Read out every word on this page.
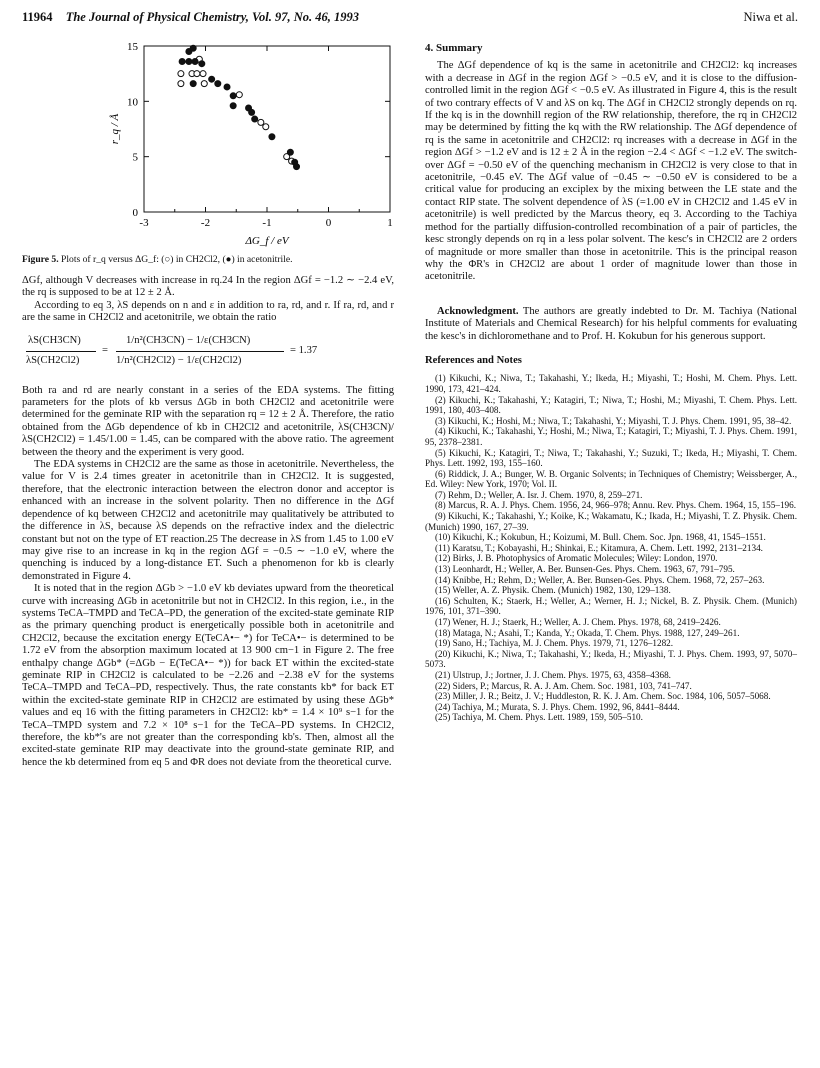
11964 The Journal of Physical Chemistry, Vol. 97, No. 46, 1993	Niwa et al.
-3	-2	-1	0	1
0
5
10
15
ΔG_f / eV
r_q / Å
Figure 5. Plots of r_q versus ΔG_f: (○) in CH2Cl2, (●) in acetonitrile.

ΔGf, although V decreases with increase in rq.24 In the region ΔGf = −1.2 ∼ −2.4 eV, the rq is supposed to be at 12 ± 2 Å.

According to eq 3, λS depends on n and ε in addition to ra, rd, and r. If ra, rd, and r are the same in CH2Cl2 and acetonitrile, we obtain the ratio

λS(CH3CN)
λS(CH2Cl2)
=
1/n²(CH3CN) − 1/ε(CH3CN)
1/n²(CH2Cl2) − 1/ε(CH2Cl2)
= 1.37

Both ra and rd are nearly constant in a series of the EDA systems. The fitting parameters for the plots of kb versus ΔGb in both CH2Cl2 and acetonitrile were determined for the geminate RIP with the separation rq = 12 ± 2 Å. Therefore, the ratio obtained from the ΔGb dependence of kb in CH2Cl2 and acetonitrile, λS(CH3CN)/λS(CH2Cl2) = 1.45/1.00 = 1.45, can be compared with the above ratio. The agreement between the theory and the experiment is very good.

The EDA systems in CH2Cl2 are the same as those in acetonitrile. Nevertheless, the value for V is 2.4 times greater in acetonitrile than in CH2Cl2. It is suggested, therefore, that the electronic interaction between the electron donor and acceptor is enhanced with an increase in the solvent polarity. Then no difference in the ΔGf dependence of kq between CH2Cl2 and acetonitrile may qualitatively be attributed to the difference in λS, because λS depends on the refractive index and the dielectric constant but not on the type of ET reaction.25 The decrease in λS from 1.45 to 1.00 eV may give rise to an increase in kq in the region ΔGf = −0.5 ∼ −1.0 eV, where the quenching is induced by a long-distance ET. Such a phenomenon for kb is clearly demonstrated in Figure 4.

It is noted that in the region ΔGb > −1.0 eV kb deviates upward from the theoretical curve with increasing ΔGb in acetonitrile but not in CH2Cl2. In this region, i.e., in the systems TeCA–TMPD and TeCA–PD, the generation of the excited-state geminate RIP as the primary quenching product is energetically possible both in acetonitrile and CH2Cl2, because the excitation energy E(TeCA•− *) for TeCA•− is determined to be 1.72 eV from the absorption maximum located at 13 900 cm−1 in Figure 2. The free enthalpy change ΔGb* (=ΔGb − E(TeCA•− *)) for back ET within the excited-state geminate RIP in CH2Cl2 is calculated to be −2.26 and −2.38 eV for the systems TeCA–TMPD and TeCA–PD, respectively. Thus, the rate constants kb* for back ET within the excited-state geminate RIP in CH2Cl2 are estimated by using these ΔGb* values and eq 16 with the fitting parameters in CH2Cl2: kb* = 1.4 × 10⁹ s−1 for the TeCA–TMPD system and 7.2 × 10⁸ s−1 for the TeCA–PD systems. In CH2Cl2, therefore, the kb*'s are not greater than the corresponding kb's. Then, almost all the excited-state geminate RIP may deactivate into the ground-state geminate RIP, and hence the kb determined from eq 5 and ΦR does not deviate from the theoretical curve.

4. Summary

The ΔGf dependence of kq is the same in acetonitrile and CH2Cl2: kq increases with a decrease in ΔGf in the region ΔGf > −0.5 eV, and it is close to the diffusion-controlled limit in the region ΔGf < −0.5 eV. As illustrated in Figure 4, this is the result of two contrary effects of V and λS on kq. The ΔGf in CH2Cl2 strongly depends on rq. If the kq is in the downhill region of the RW relationship, therefore, the rq in CH2Cl2 may be determined by fitting the kq with the RW relationship. The ΔGf dependence of rq is the same in acetonitrile and CH2Cl2: rq increases with a decrease in ΔGf in the region ΔGf > −1.2 eV and is 12 ± 2 Å in the region −2.4 < ΔGf < −1.2 eV. The switch-over ΔGf = −0.50 eV of the quenching mechanism in CH2Cl2 is very close to that in acetonitrile, −0.45 eV. The ΔGf value of −0.45 ∼ −0.50 eV is considered to be a critical value for producing an exciplex by the mixing between the LE state and the contact RIP state. The solvent dependence of λS (=1.00 eV in CH2Cl2 and 1.45 eV in acetonitrile) is well predicted by the Marcus theory, eq 3. According to the Tachiya method for the partially diffusion-controlled recombination of a pair of particles, the kesc strongly depends on rq in a less polar solvent. The kesc's in CH2Cl2 are 2 orders of magnitude or more smaller than those in acetonitrile. This is the principal reason why the ΦR's in CH2Cl2 are about 1 order of magnitude lower than those in acetonitrile.

Acknowledgment. The authors are greatly indebted to Dr. M. Tachiya (National Institute of Materials and Chemical Research) for his helpful comments for evaluating the kesc's in dichloromethane and to Prof. H. Kokubun for his generous support.

References and Notes
(1) Kikuchi, K.; Niwa, T.; Takahashi, Y.; Ikeda, H.; Miyashi, T.; Hoshi, M. Chem. Phys. Lett. 1990, 173, 421–424.
(2) Kikuchi, K.; Takahashi, Y.; Katagiri, T.; Niwa, T.; Hoshi, M.; Miyashi, T. Chem. Phys. Lett. 1991, 180, 403–408.
(3) Kikuchi, K.; Hoshi, M.; Niwa, T.; Takahashi, Y.; Miyashi, T. J. Phys. Chem. 1991, 95, 38–42.
(4) Kikuchi, K.; Takahashi, Y.; Hoshi, M.; Niwa, T.; Katagiri, T.; Miyashi, T. J. Phys. Chem. 1991, 95, 2378–2381.
(5) Kikuchi, K.; Katagiri, T.; Niwa, T.; Takahashi, Y.; Suzuki, T.; Ikeda, H.; Miyashi, T. Chem. Phys. Lett. 1992, 193, 155–160.
(6) Riddick, J. A.; Bunger, W. B. Organic Solvents; in Techniques of Chemistry; Weissberger, A., Ed. Wiley: New York, 1970; Vol. II.
(7) Rehm, D.; Weller, A. Isr. J. Chem. 1970, 8, 259–271.
(8) Marcus, R. A. J. Phys. Chem. 1956, 24, 966–978; Annu. Rev. Phys. Chem. 1964, 15, 155–196.
(9) Kikuchi, K.; Takahashi, Y.; Koike, K.; Wakamatu, K.; Ikada, H.; Miyashi, T. Z. Physik. Chem. (Munich) 1990, 167, 27–39.
(10) Kikuchi, K.; Kokubun, H.; Koizumi, M. Bull. Chem. Soc. Jpn. 1968, 41, 1545–1551.
(11) Karatsu, T.; Kobayashi, H.; Shinkai, E.; Kitamura, A. Chem. Lett. 1992, 2131–2134.
(12) Birks, J. B. Photophysics of Aromatic Molecules; Wiley: London, 1970.
(13) Leonhardt, H.; Weller, A. Ber. Bunsen-Ges. Phys. Chem. 1963, 67, 791–795.
(14) Knibbe, H.; Rehm, D.; Weller, A. Ber. Bunsen-Ges. Phys. Chem. 1968, 72, 257–263.
(15) Weller, A. Z. Physik. Chem. (Munich) 1982, 130, 129–138.
(16) Schulten, K.; Staerk, H.; Weller, A.; Werner, H. J.; Nickel, B. Z. Physik. Chem. (Munich) 1976, 101, 371–390.
(17) Wener, H. J.; Staerk, H.; Weller, A. J. Chem. Phys. 1978, 68, 2419–2426.
(18) Mataga, N.; Asahi, T.; Kanda, Y.; Okada, T. Chem. Phys. 1988, 127, 249–261.
(19) Sano, H.; Tachiya, M. J. Chem. Phys. 1979, 71, 1276–1282.
(20) Kikuchi, K.; Niwa, T.; Takahashi, Y.; Ikeda, H.; Miyashi, T. J. Phys. Chem. 1993, 97, 5070–5073.
(21) Ulstrup, J.; Jortner, J. J. Chem. Phys. 1975, 63, 4358–4368.
(22) Siders, P.; Marcus, R. A. J. Am. Chem. Soc. 1981, 103, 741–747.
(23) Miller, J. R.; Beitz, J. V.; Huddleston, R. K. J. Am. Chem. Soc. 1984, 106, 5057–5068.
(24) Tachiya, M.; Murata, S. J. Phys. Chem. 1992, 96, 8441–8444.
(25) Tachiya, M. Chem. Phys. Lett. 1989, 159, 505–510.
